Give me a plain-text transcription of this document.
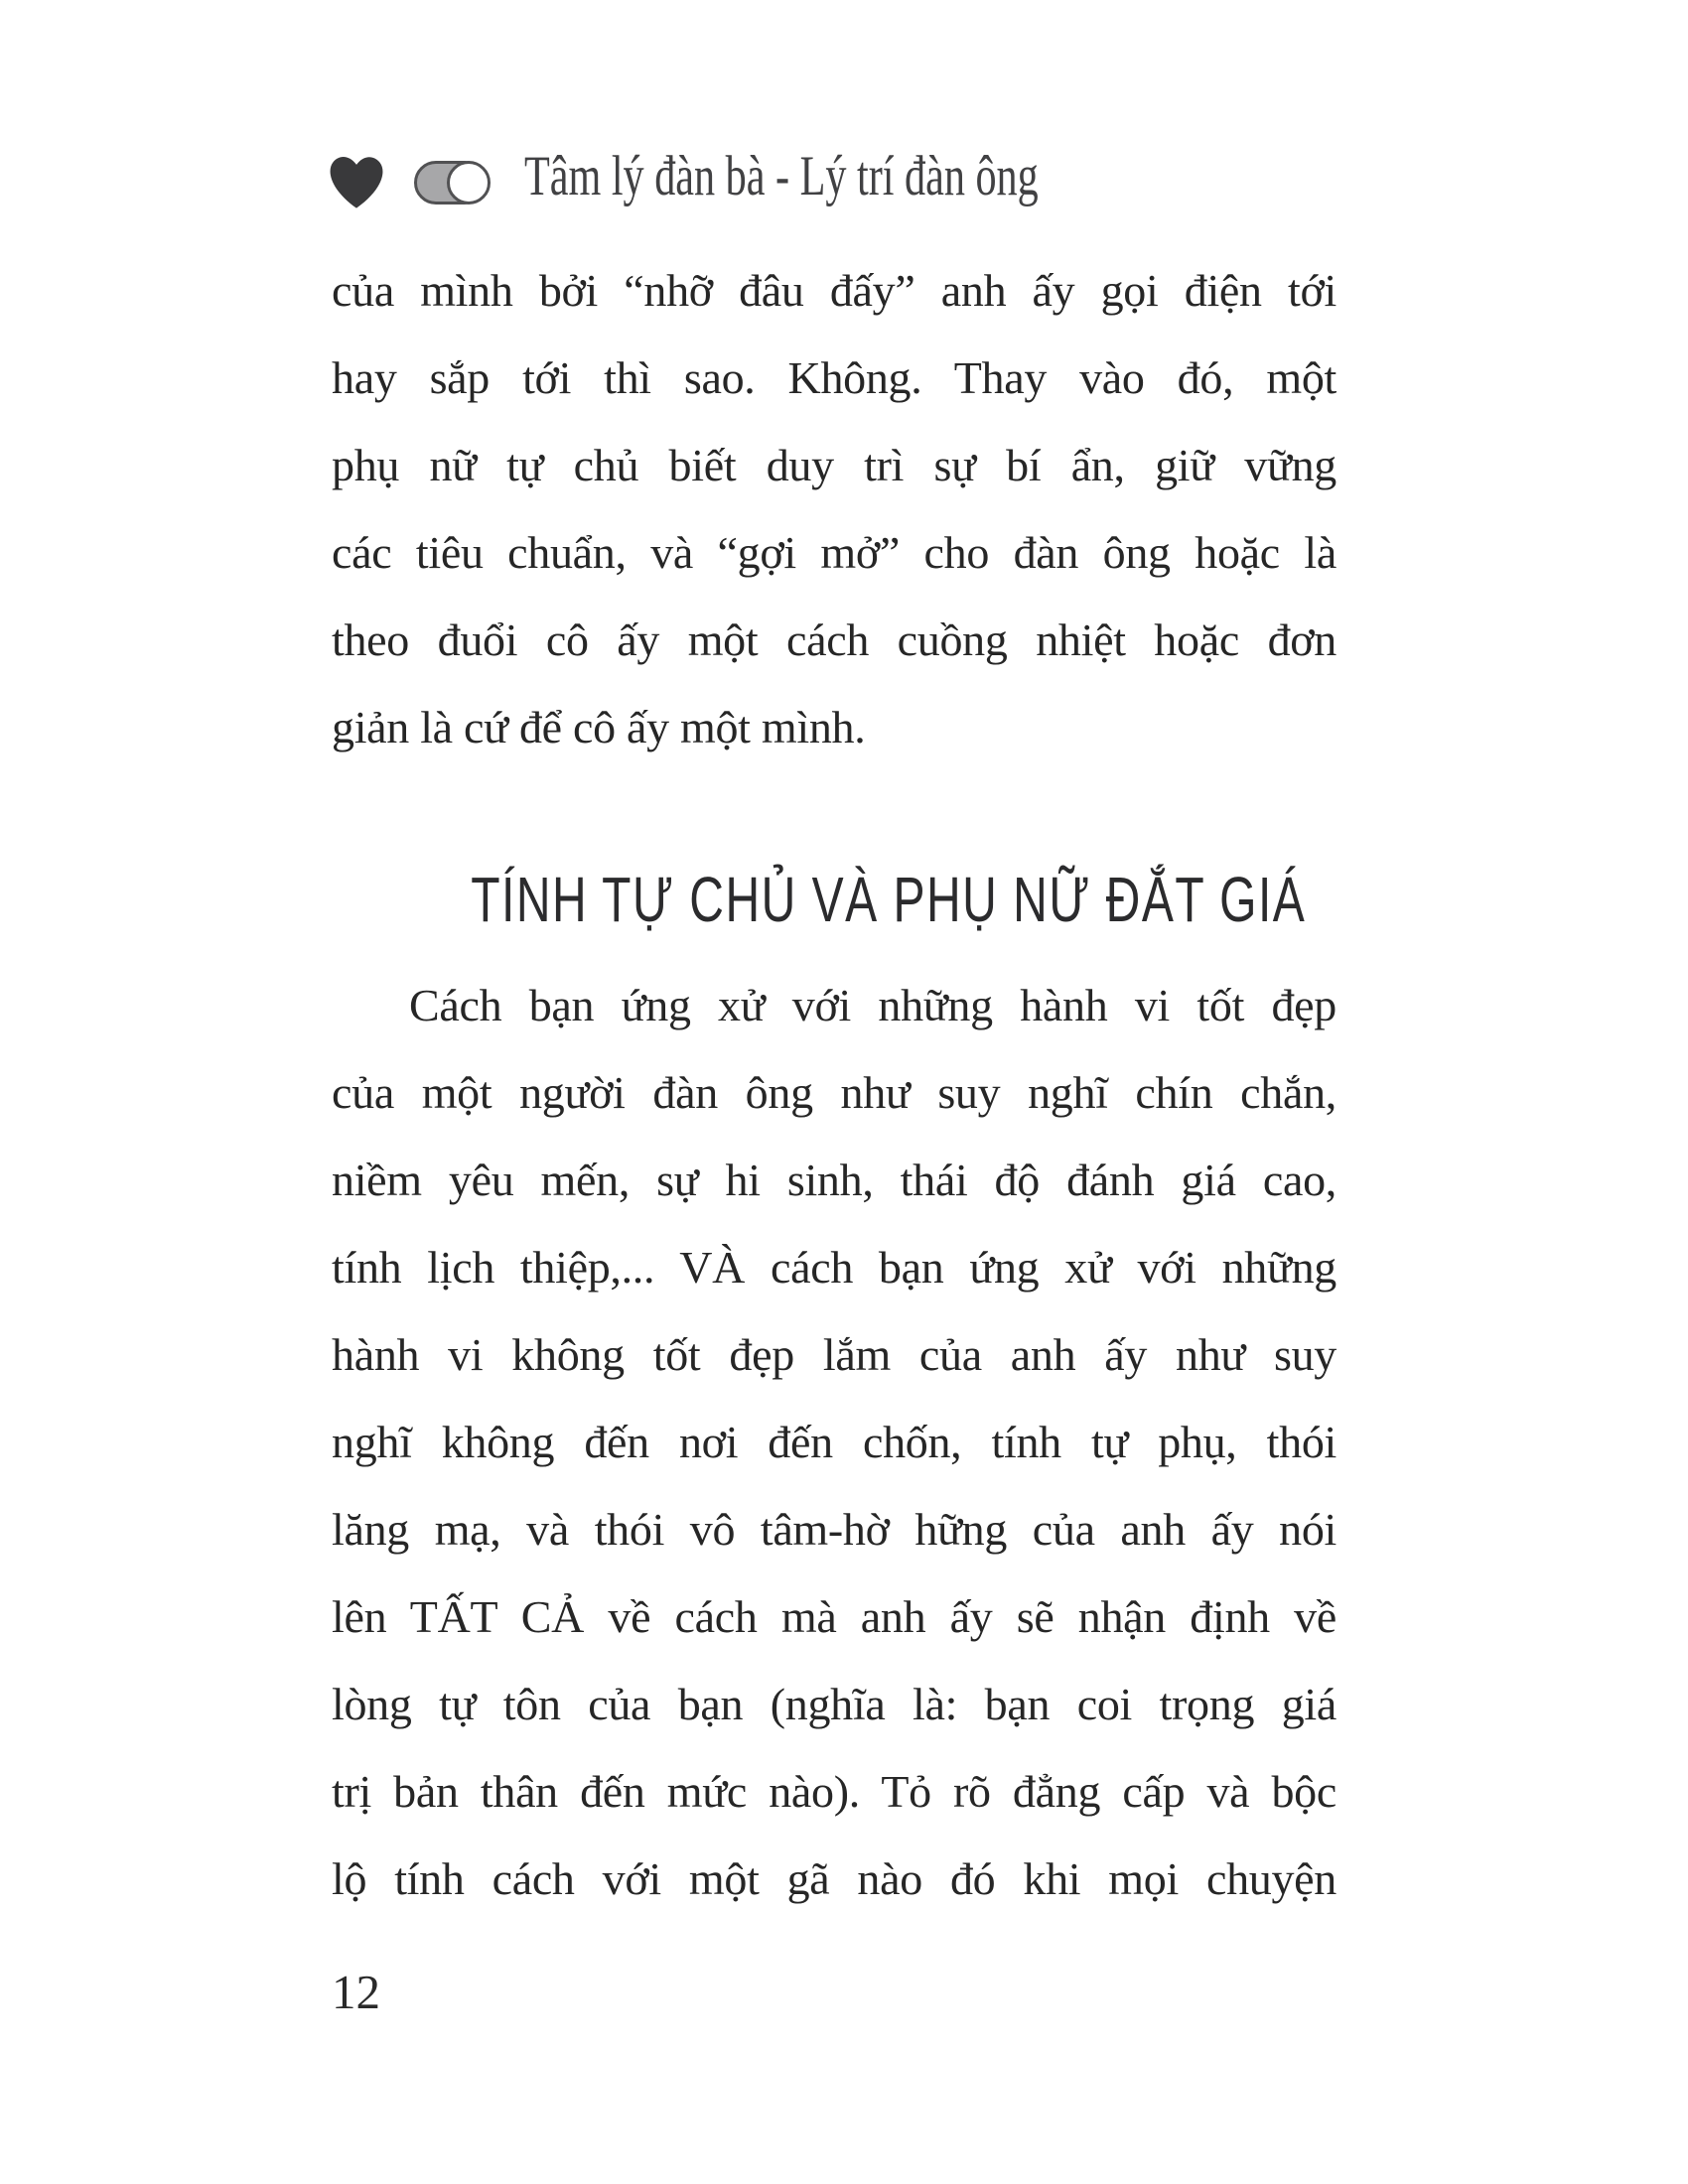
Tâm lý đàn bà - Lý trí đàn ông
của mình bởi “nhỡ đâu đấy” anh ấy gọi điện tới
hay sắp tới thì sao. Không. Thay vào đó, một
phụ nữ tự chủ biết duy trì sự bí ẩn, giữ vững
các tiêu chuẩn, và “gợi mở” cho đàn ông hoặc là
theo đuổi cô ấy một cách cuồng nhiệt hoặc đơn
giản là cứ để cô ấy một mình.
TÍNH TỰ CHỦ VÀ PHỤ NỮ ĐẮT GIÁ
Cách bạn ứng xử với những hành vi tốt đẹp
của một người đàn ông như suy nghĩ chín chắn,
niềm yêu mến, sự hi sinh, thái độ đánh giá cao,
tính lịch thiệp,... VÀ cách bạn ứng xử với những
hành vi không tốt đẹp lắm của anh ấy như suy
nghĩ không đến nơi đến chốn, tính tự phụ, thói
lăng mạ, và thói vô tâm-hờ hững của anh ấy nói
lên TẤT CẢ về cách mà anh ấy sẽ nhận định về
lòng tự tôn của bạn (nghĩa là: bạn coi trọng giá
trị bản thân đến mức nào). Tỏ rõ đẳng cấp và bộc
lộ tính cách với một gã nào đó khi mọi chuyện
12
